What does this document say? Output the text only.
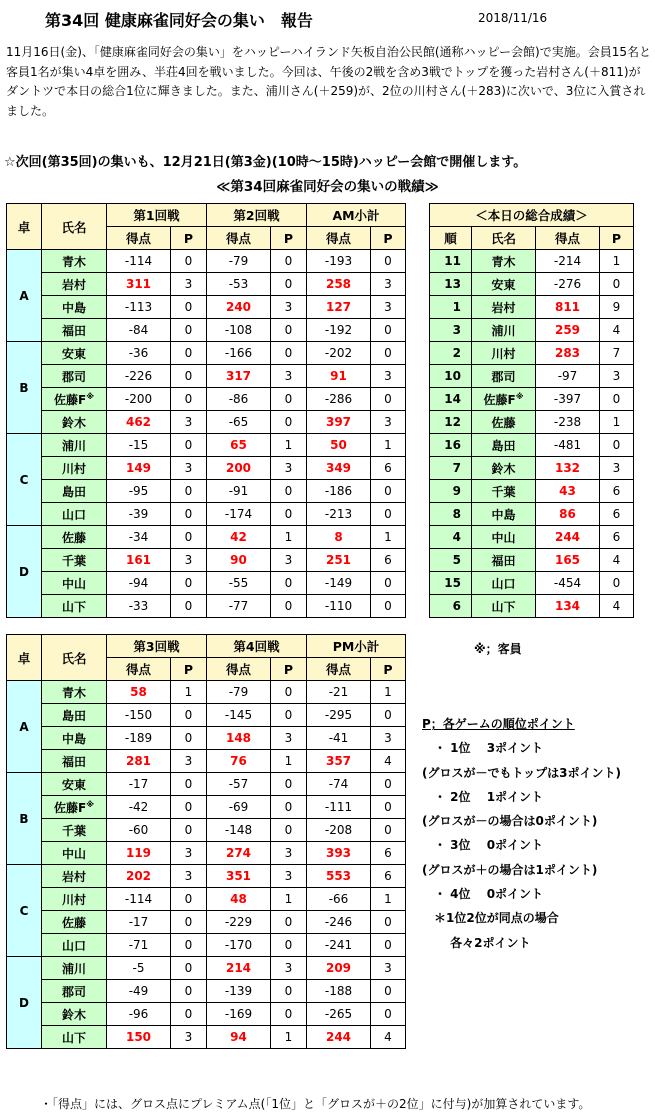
第34回 健康麻雀同好会の集い　報告	2018/11/16
11月16日(金)、「健康麻雀同好会の集い」をハッピーハイランド矢板自治公民館(通称ハッピー会館)で実施。会員15名と客員1名が集い4卓を囲み、半荘4回を戦いました。今回は、午後の2戦を含め3戦でトップを獲った岩村さん(＋811)がダントツで本日の総合1位に輝きました。また、浦川さん(＋259)が、2位の川村さん(＋283)に次いで、3位に入賞されました。
☆次回(第35回)の集いも、12月21日(第3金)(10時～15時)ハッピー会館で開催します。
≪第34回麻雀同好会の集いの戦績≫
卓	氏名	第1回戦		第2回戦		AM小計	
		得点	P	得点	P	得点	P
A	青木	-114	0	-79	0	-193	0
	岩村	311	3	-53	0	258	3
	中島	-113	0	240	3	127	3
	福田	-84	0	-108	0	-192	0
B	安東	-36	0	-166	0	-202	0
	郡司	-226	0	317	3	91	3
	佐藤F※	-200	0	-86	0	-286	0
	鈴木	462	3	-65	0	397	3
C	浦川	-15	0	65	1	50	1
	川村	149	3	200	3	349	6
	島田	-95	0	-91	0	-186	0
	山口	-39	0	-174	0	-213	0
D	佐藤	-34	0	42	1	8	1
	千葉	161	3	90	3	251	6
	中山	-94	0	-55	0	-149	0
	山下	-33	0	-77	0	-110	0
卓	氏名	第3回戦		第4回戦		PM小計	
		得点	P	得点	P	得点	P
A	青木	58	1	-79	0	-21	1
	島田	-150	0	-145	0	-295	0
	中島	-189	0	148	3	-41	3
	福田	281	3	76	1	357	4
B	安東	-17	0	-57	0	-74	0
	佐藤F※	-42	0	-69	0	-111	0
	千葉	-60	0	-148	0	-208	0
	中山	119	3	274	3	393	6
C	岩村	202	3	351	3	553	6
	川村	-114	0	48	1	-66	1
	佐藤	-17	0	-229	0	-246	0
	山口	-71	0	-170	0	-241	0
D	浦川	-5	0	214	3	209	3
	郡司	-49	0	-139	0	-188	0
	鈴木	-96	0	-169	0	-265	0
	山下	150	3	94	1	244	4
＜本日の総合成績＞			
順	氏名	得点	P
11	青木	-214	1
13	安東	-276	0
1	岩村	811	9
3	浦川	259	4
2	川村	283	7
10	郡司	-97	3
14	佐藤F※	-397	0
12	佐藤	-238	1
16	島田	-481	0
7	鈴木	132	3
9	千葉	43	6
8	中島	86	6
4	中山	244	6
5	福田	165	4
15	山口	-454	0
6	山下	134	4
※；客員
P；各ゲームの順位ポイント
　・ 1位　 3ポイント
(グロスが－でもトップは3ポイント)
　・ 2位　 1ポイント
(グロスが－の場合は0ポイント)
　・ 3位　 0ポイント
(グロスが＋の場合は1ポイント)
　・ 4位　 0ポイント
　＊1位2位が同点の場合
　　 各々2ポイント
・「得点」には、グロス点にプレミアム点(「1位」と「グロスが＋の2位」に付与)が加算されています。
